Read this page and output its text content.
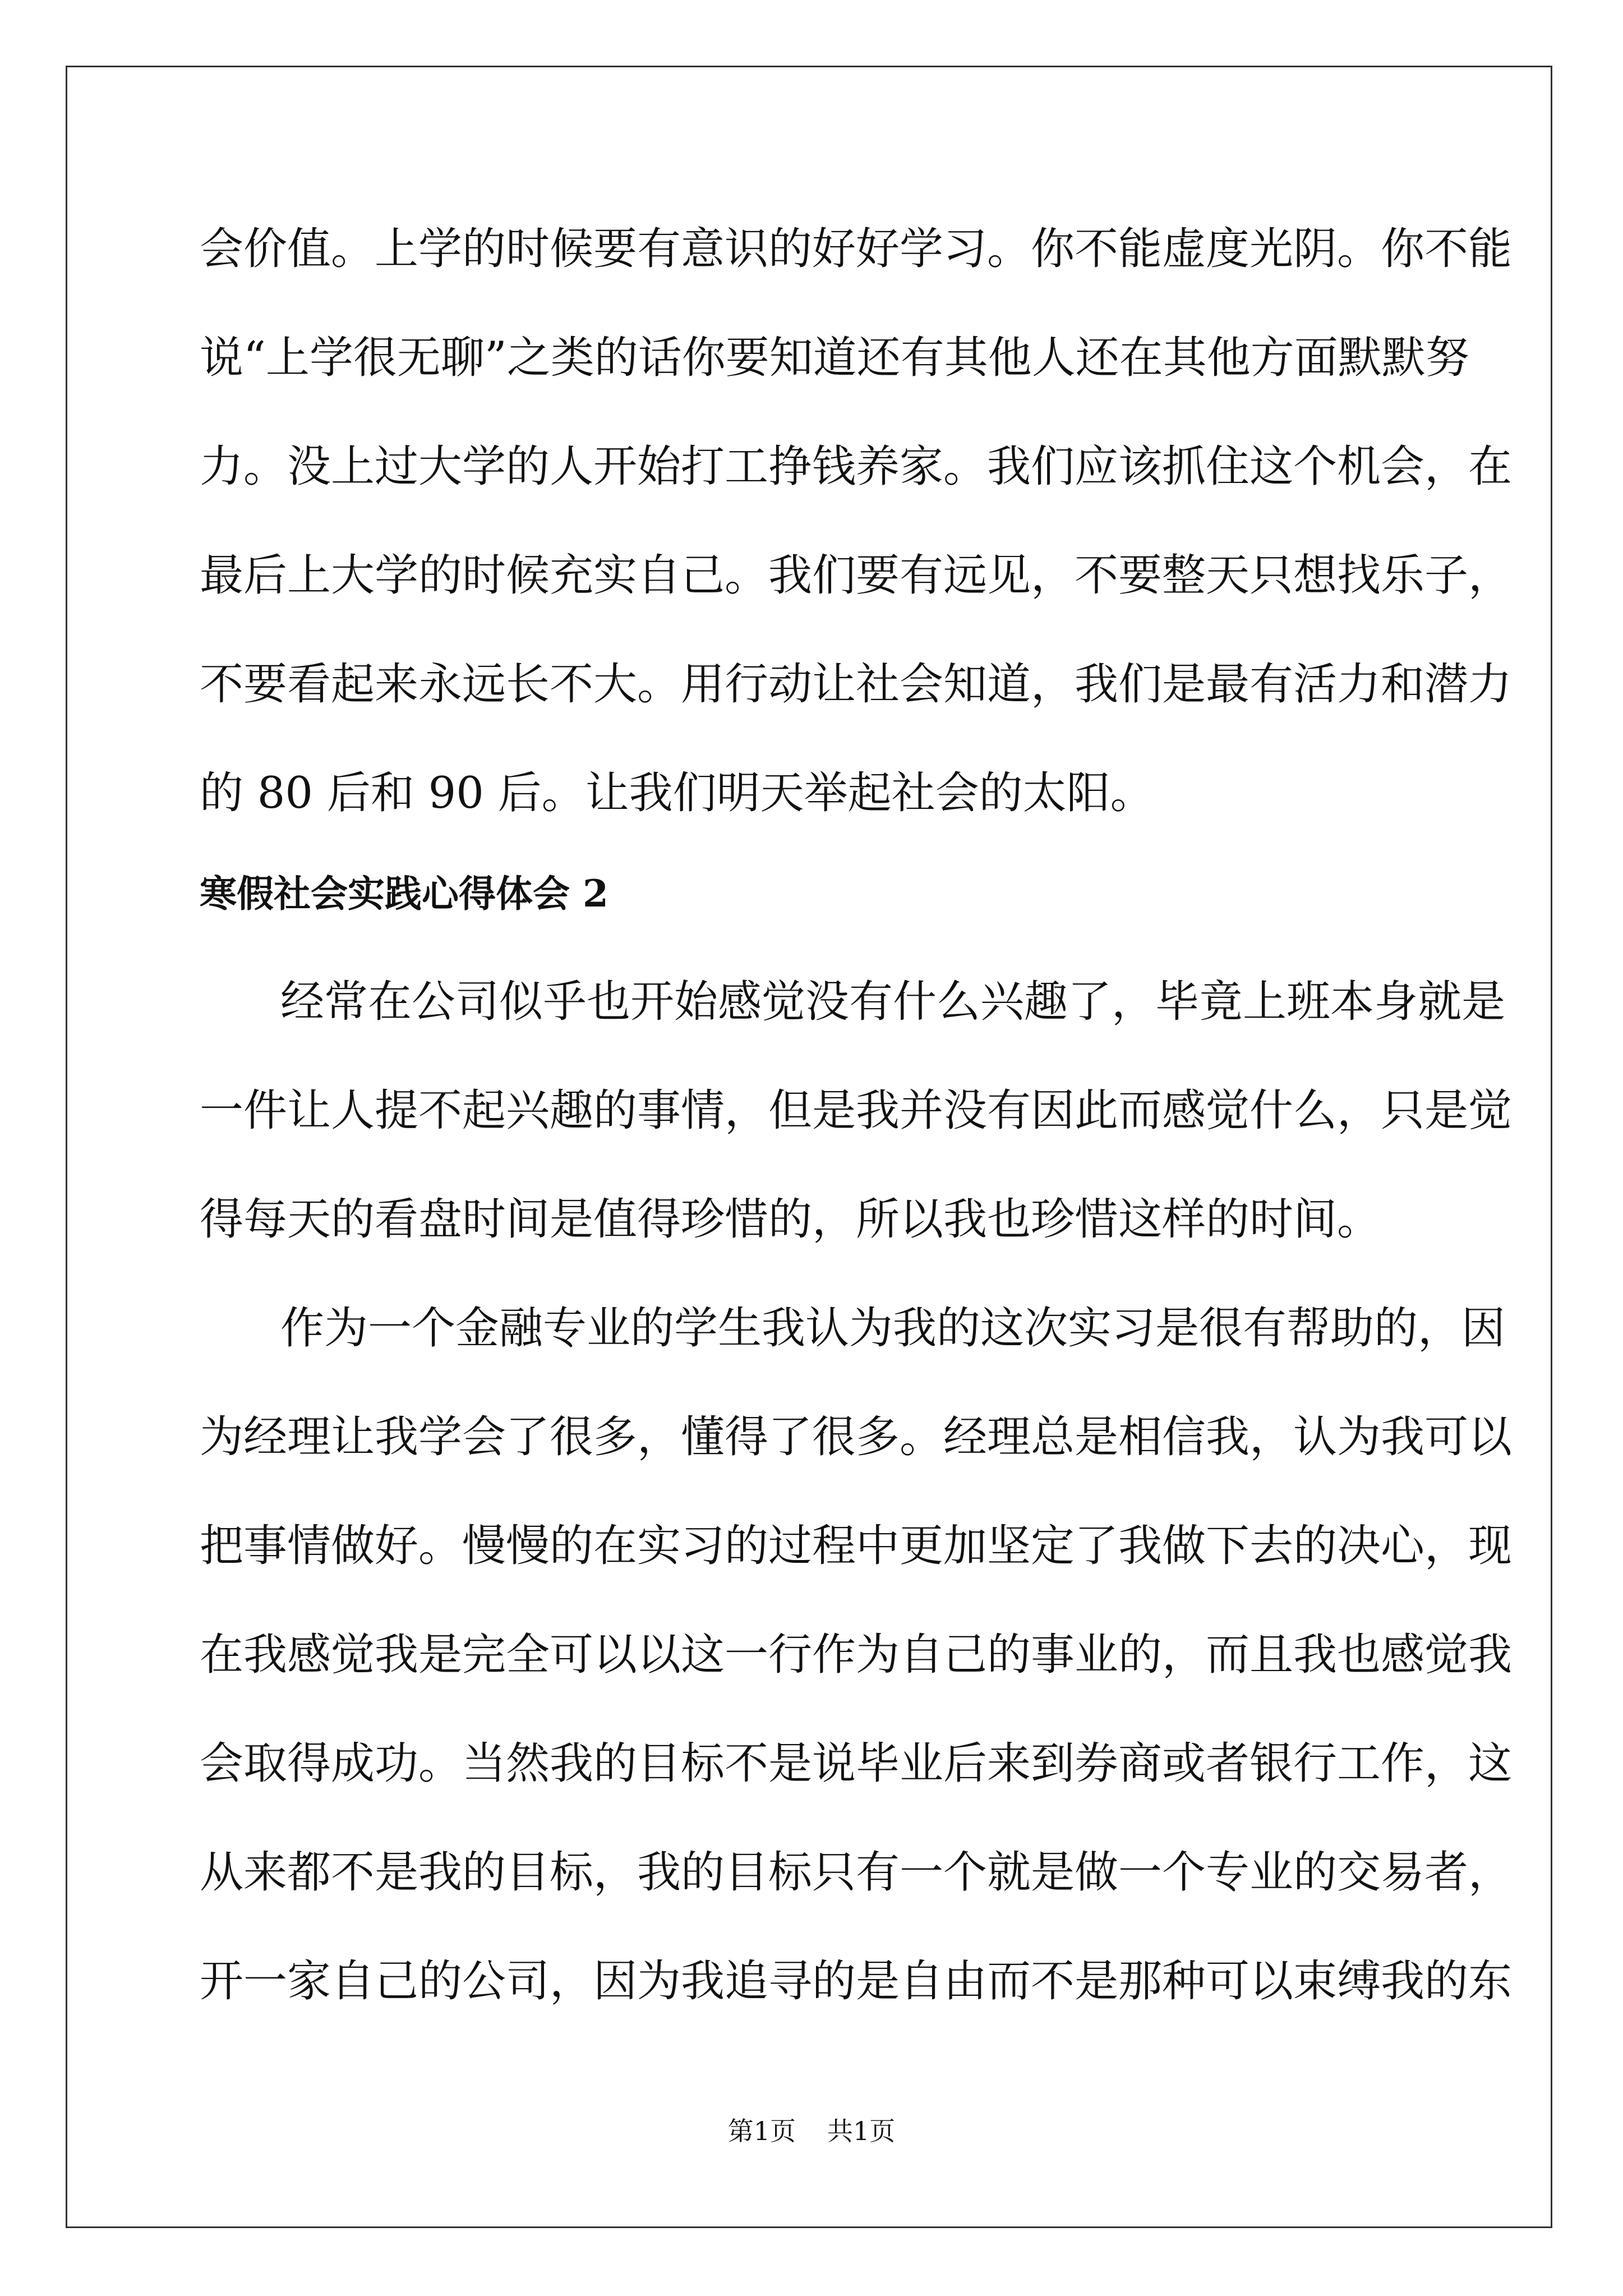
会价值。上学的时候要有意识的好好学习。你不能虚度光阴。你不能

说“上学很无聊”之类的话你要知道还有其他人还在其他方面默默努

力。没上过大学的人开始打工挣钱养家。我们应该抓住这个机会，在

最后上大学的时候充实自己。我们要有远见，不要整天只想找乐子，

不要看起来永远长不大。用行动让社会知道，我们是最有活力和潜力

的 80 后和 90 后。让我们明天举起社会的太阳。

寒假社会实践心得体会 2

经常在公司似乎也开始感觉没有什么兴趣了，毕竟上班本身就是

一件让人提不起兴趣的事情，但是我并没有因此而感觉什么，只是觉

得每天的看盘时间是值得珍惜的，所以我也珍惜这样的时间。

作为一个金融专业的学生我认为我的这次实习是很有帮助的，因

为经理让我学会了很多，懂得了很多。经理总是相信我，认为我可以

把事情做好。慢慢的在实习的过程中更加坚定了我做下去的决心，现

在我感觉我是完全可以以这一行作为自己的事业的，而且我也感觉我

会取得成功。当然我的目标不是说毕业后来到券商或者银行工作，这

从来都不是我的目标，我的目标只有一个就是做一个专业的交易者，

开一家自己的公司，因为我追寻的是自由而不是那种可以束缚我的东

第1页 共1页
